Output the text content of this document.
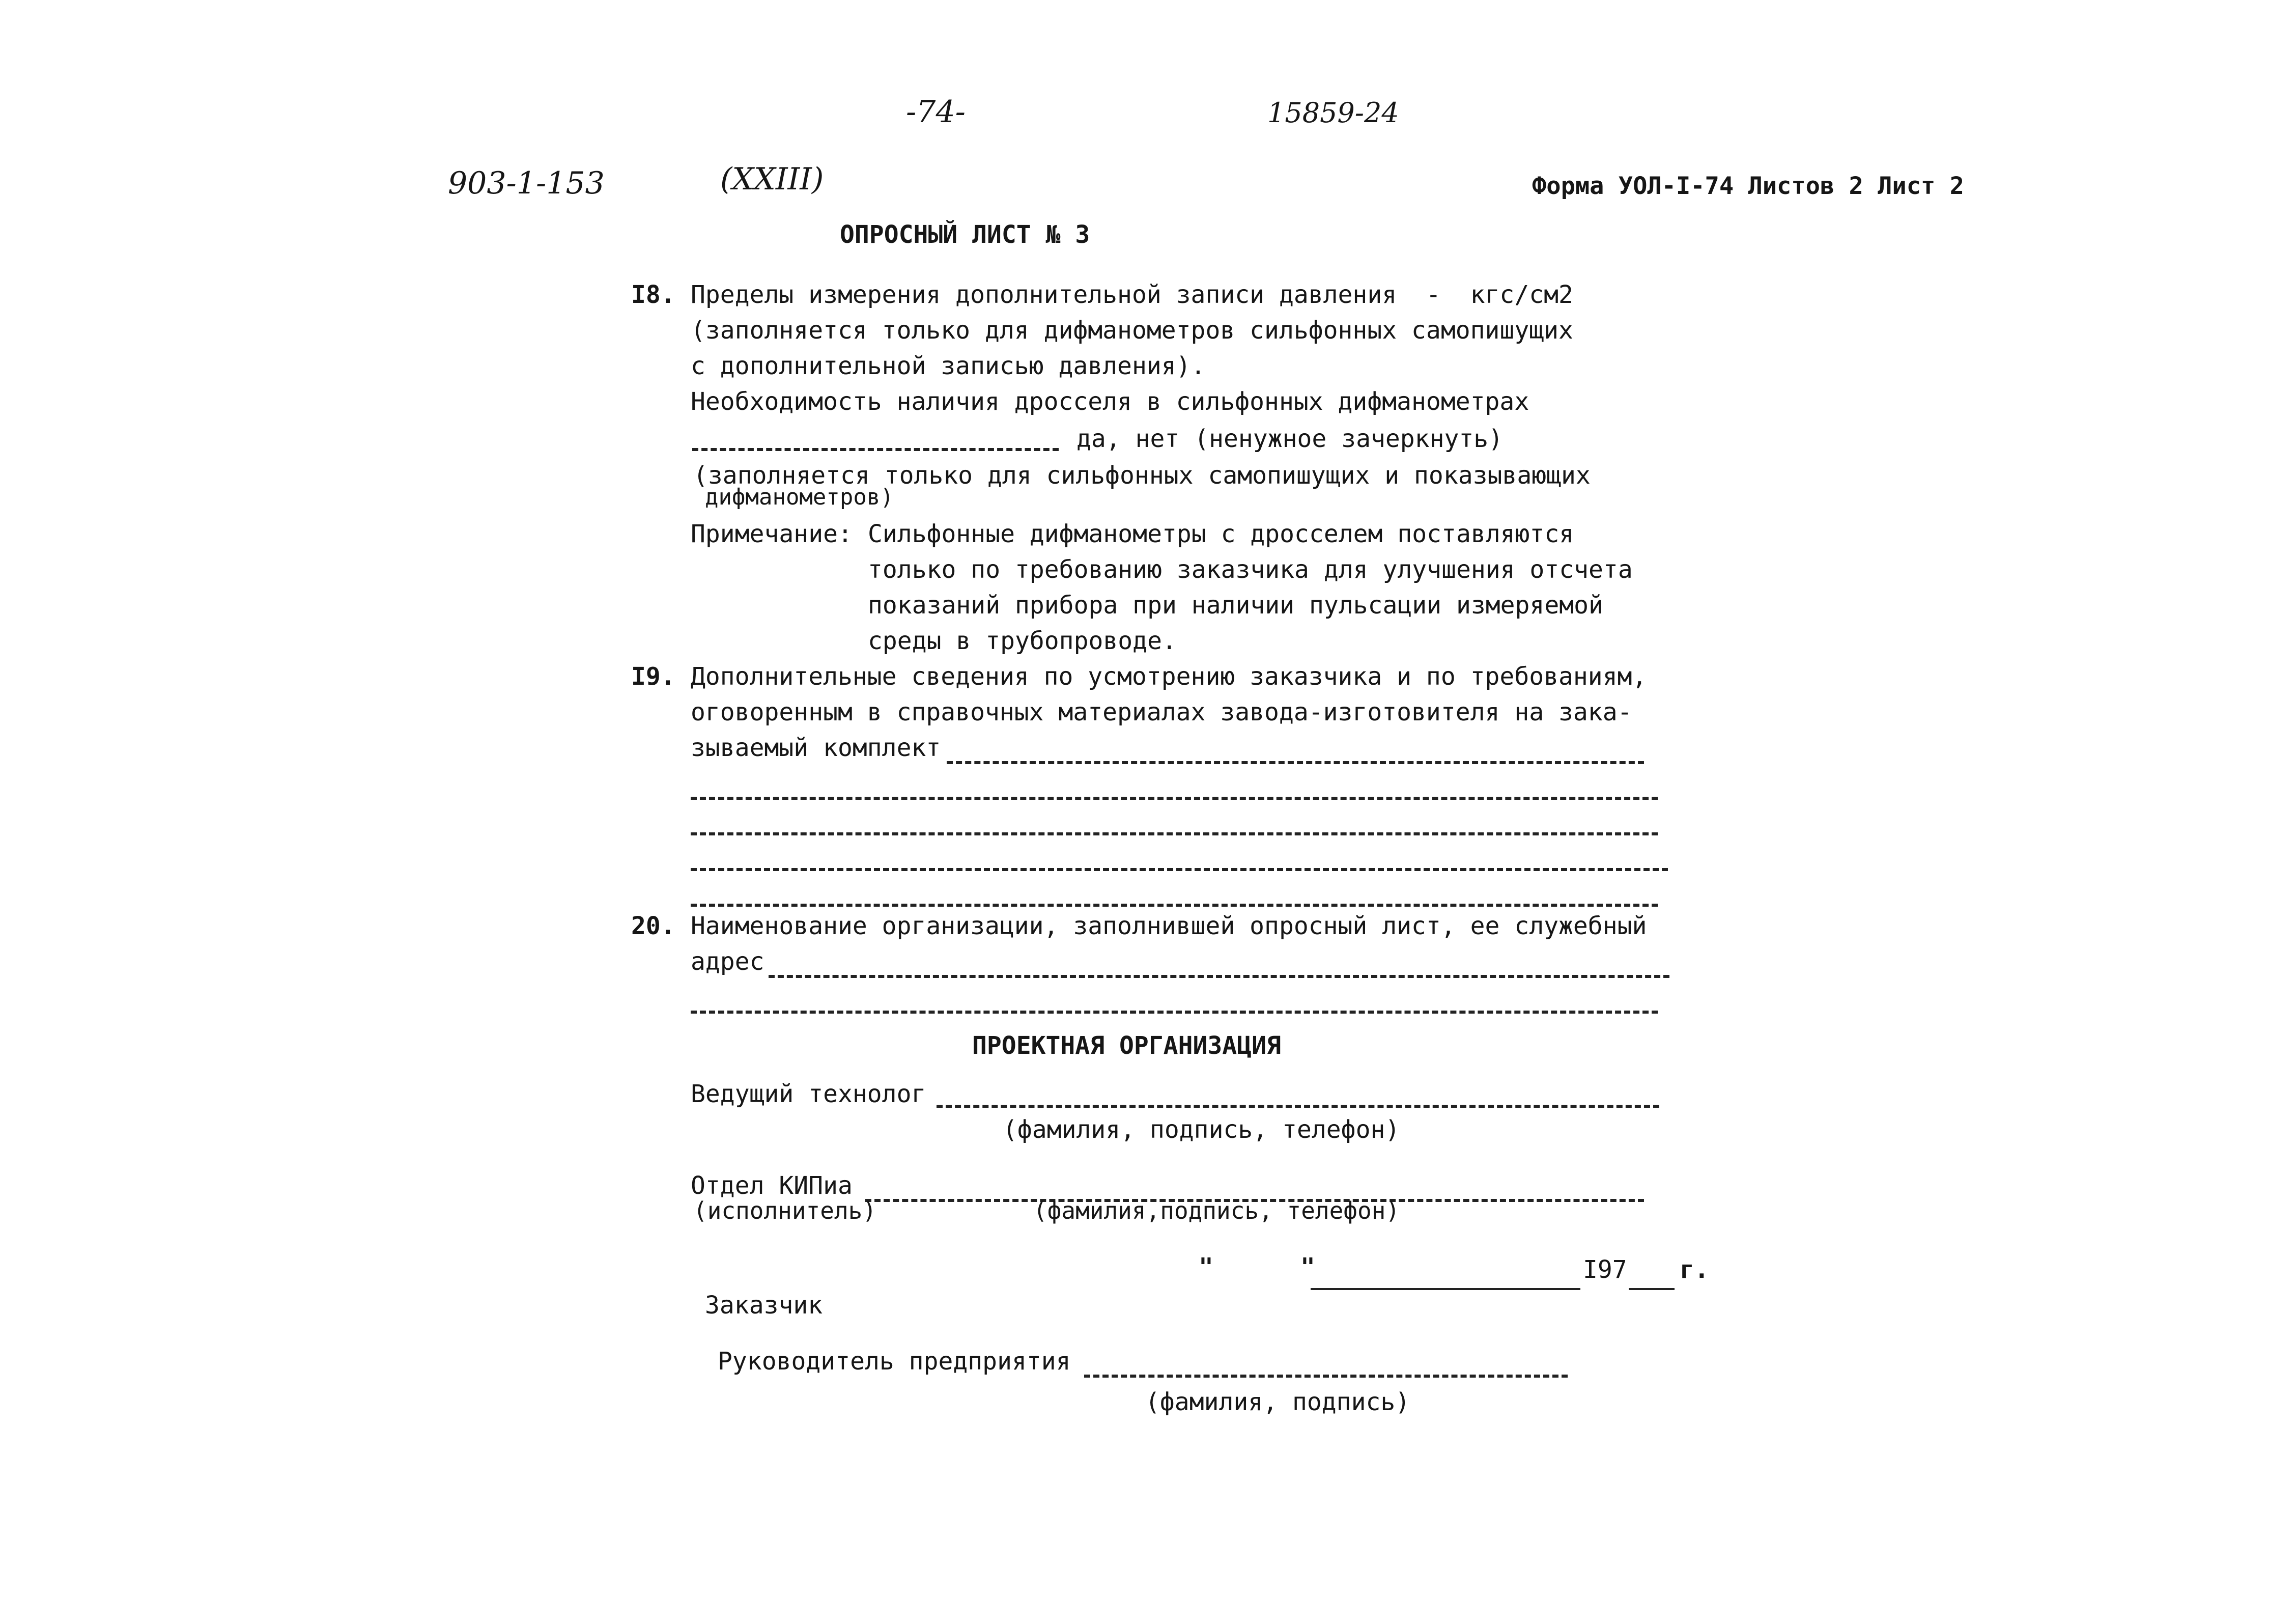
-74-	15859-24
903-1-153	(XXIII)	Форма УОЛ-I-74 Листов 2 Лист 2
ОПРОСНЫЙ ЛИСТ № 3
I8. Пределы измерения дополнительной записи давления  -  кгс/см2
(заполняется только для дифманометров сильфонных самопишущих
с дополнительной записью давления).
Необходимость наличия дросселя в сильфонных дифманометрах
да, нет (ненужное зачеркнуть)
(заполняется только для сильфонных самопишущих и показывающих
дифманометров)
Примечание: Сильфонные дифманометры с дросселем поставляются
только по требованию заказчика для улучшения отсчета
показаний прибора при наличии пульсации измеряемой
среды в трубопроводе.
I9. Дополнительные сведения по усмотрению заказчика и по требованиям,
оговоренным в справочных материалах завода-изготовителя на зака-
зываемый комплект
20. Наименование организации, заполнившей опросный лист, ее служебный
адрес
ПРОЕКТНАЯ ОРГАНИЗАЦИЯ
Ведущий технолог
(фамилия, подпись, телефон)
Отдел КИПиа
(исполнитель)	(фамилия,подпись, телефон)
"	"	I97 г.
Заказчик
Руководитель предприятия
(фамилия, подпись)
